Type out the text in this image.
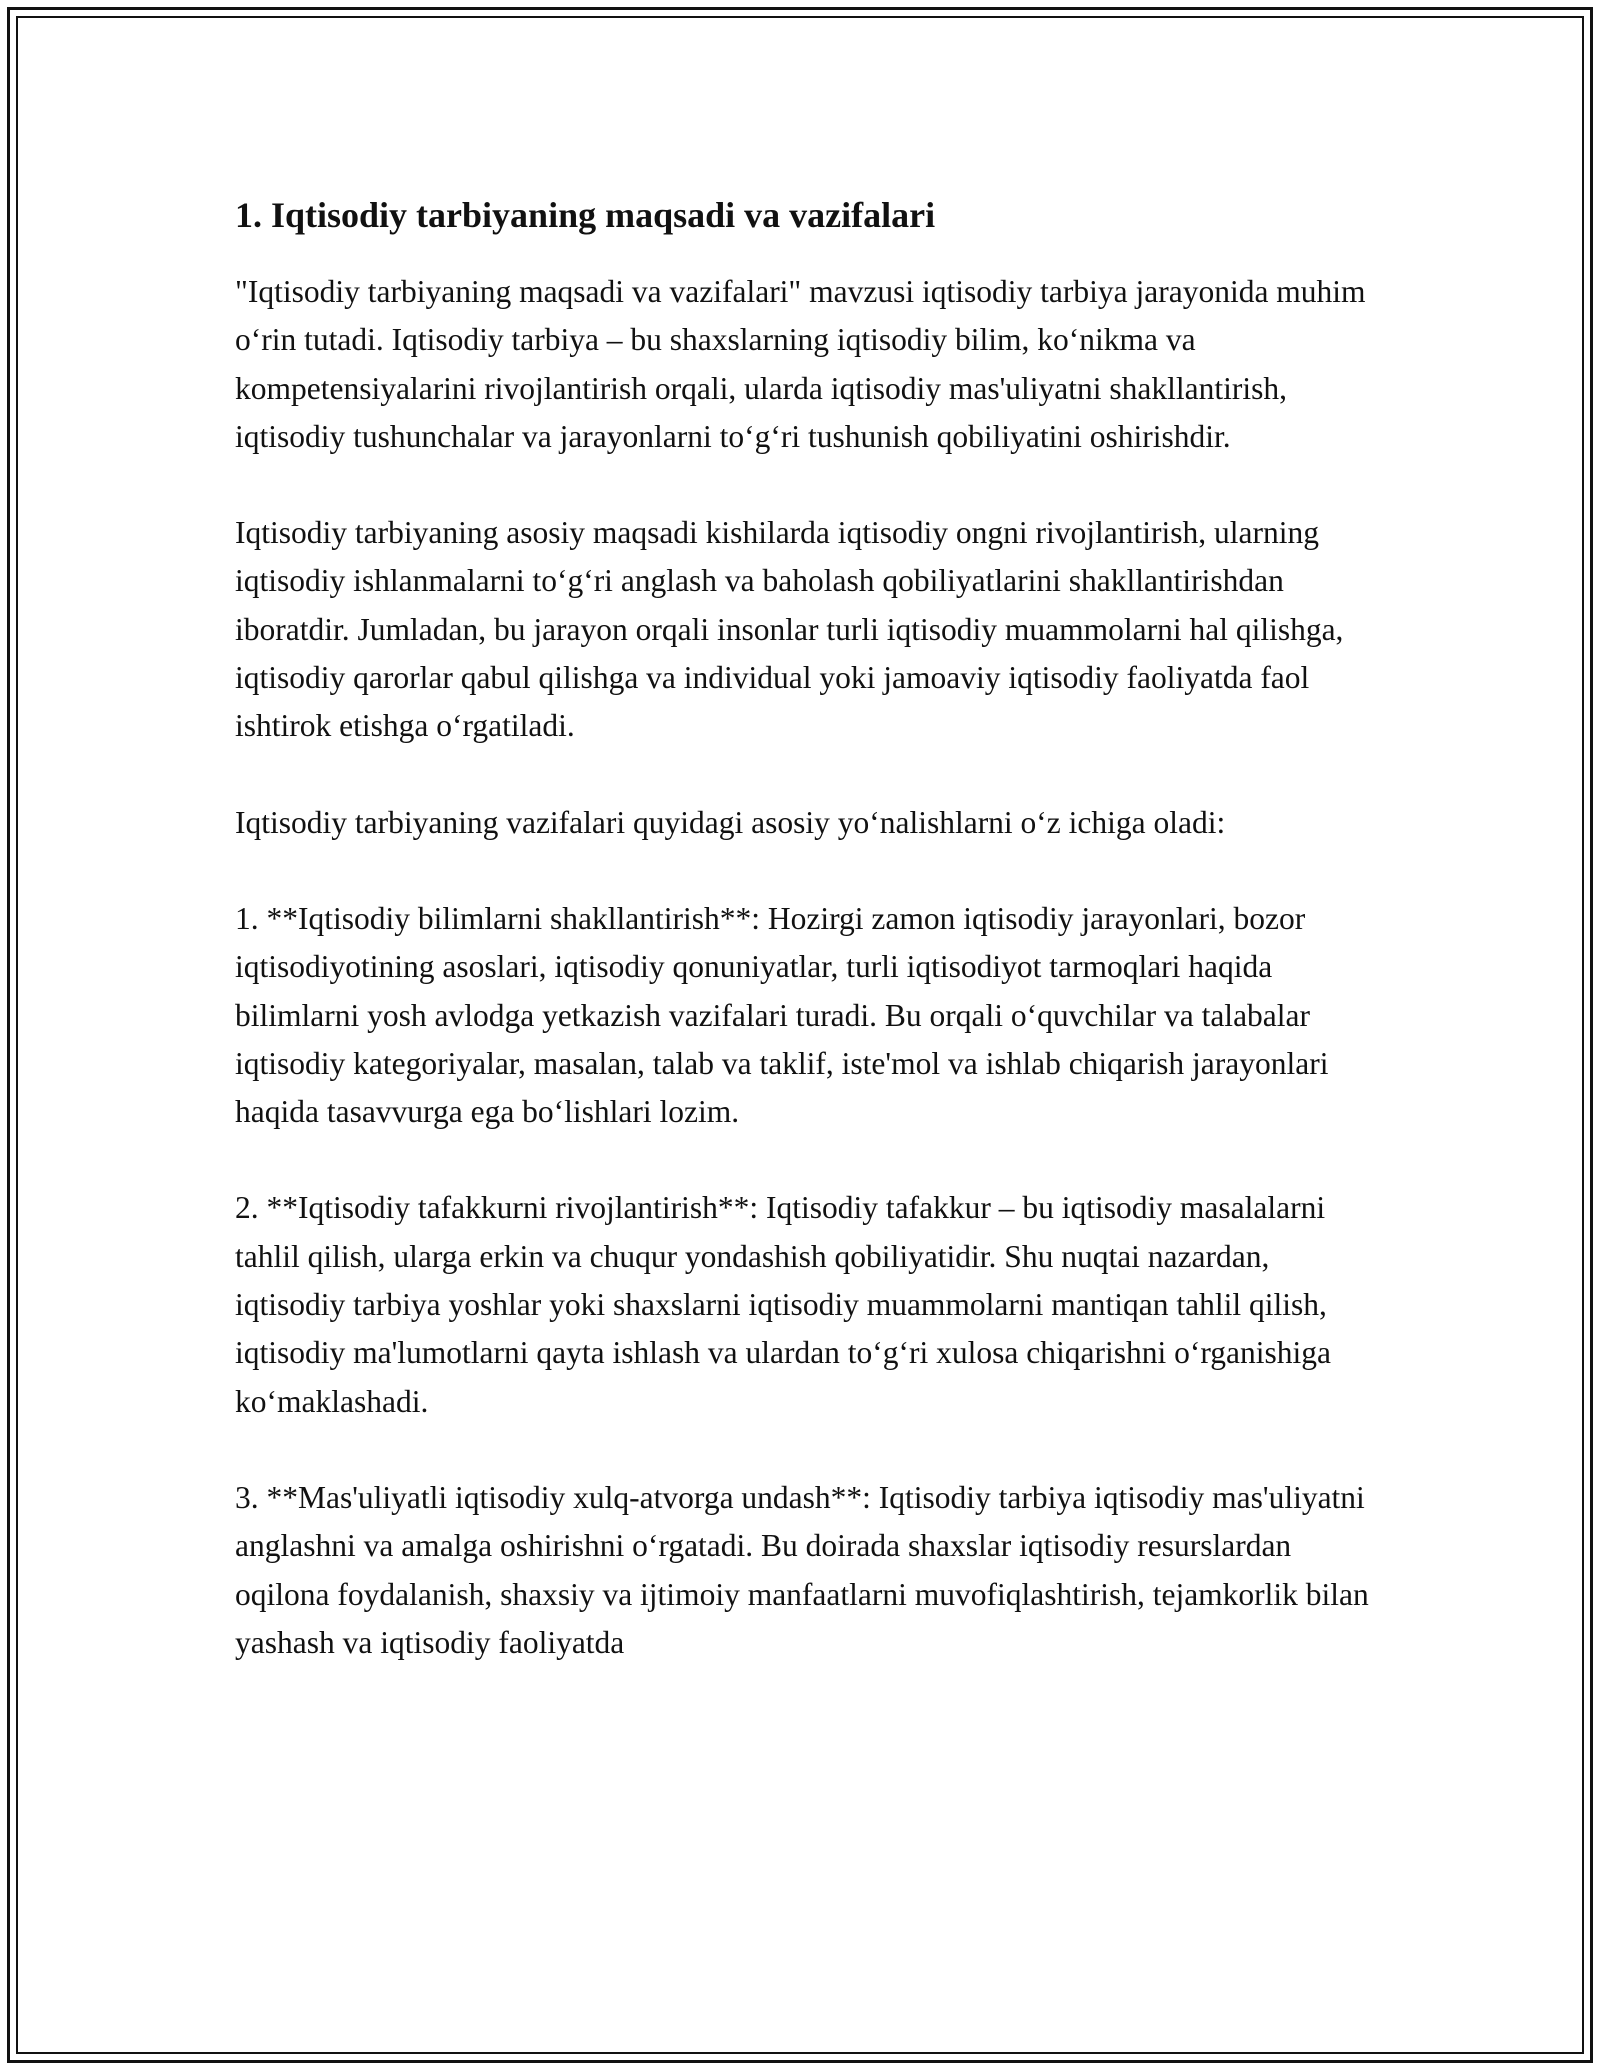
1. Iqtisodiy tarbiyaning maqsadi va vazifalari

"Iqtisodiy tarbiyaning maqsadi va vazifalari" mavzusi iqtisodiy tarbiya jarayonida muhim oʻrin tutadi. Iqtisodiy tarbiya – bu shaxslarning iqtisodiy bilim, koʻnikma va kompetensiyalarini rivojlantirish orqali, ularda iqtisodiy mas'uliyatni shakllantirish, iqtisodiy tushunchalar va jarayonlarni toʻgʻri tushunish qobiliyatini oshirishdir.

Iqtisodiy tarbiyaning asosiy maqsadi kishilarda iqtisodiy ongni rivojlantirish, ularning iqtisodiy ishlanmalarni toʻgʻri anglash va baholash qobiliyatlarini shakllantirishdan iboratdir. Jumladan, bu jarayon orqali insonlar turli iqtisodiy muammolarni hal qilishga, iqtisodiy qarorlar qabul qilishga va individual yoki jamoaviy iqtisodiy faoliyatda faol ishtirok etishga oʻrgatiladi.

Iqtisodiy tarbiyaning vazifalari quyidagi asosiy yoʻnalishlarni oʻz ichiga oladi:

1. **Iqtisodiy bilimlarni shakllantirish**: Hozirgi zamon iqtisodiy jarayonlari, bozor iqtisodiyotining asoslari, iqtisodiy qonuniyatlar, turli iqtisodiyot tarmoqlari haqida bilimlarni yosh avlodga yetkazish vazifalari turadi. Bu orqali oʻquvchilar va talabalar iqtisodiy kategoriyalar, masalan, talab va taklif, iste'mol va ishlab chiqarish jarayonlari haqida tasavvurga ega boʻlishlari lozim.

2. **Iqtisodiy tafakkurni rivojlantirish**: Iqtisodiy tafakkur – bu iqtisodiy masalalarni tahlil qilish, ularga erkin va chuqur yondashish qobiliyatidir. Shu nuqtai nazardan, iqtisodiy tarbiya yoshlar yoki shaxslarni iqtisodiy muammolarni mantiqan tahlil qilish, iqtisodiy ma'lumotlarni qayta ishlash va ulardan toʻgʻri xulosa chiqarishni oʻrganishiga koʻmaklashadi.

3. **Mas'uliyatli iqtisodiy xulq-atvorga undash**: Iqtisodiy tarbiya iqtisodiy mas'uliyatni anglashni va amalga oshirishni oʻrgatadi. Bu doirada shaxslar iqtisodiy resurslardan oqilona foydalanish, shaxsiy va ijtimoiy manfaatlarni muvofiqlashtirish, tejamkorlik bilan yashash va iqtisodiy faoliyatda
